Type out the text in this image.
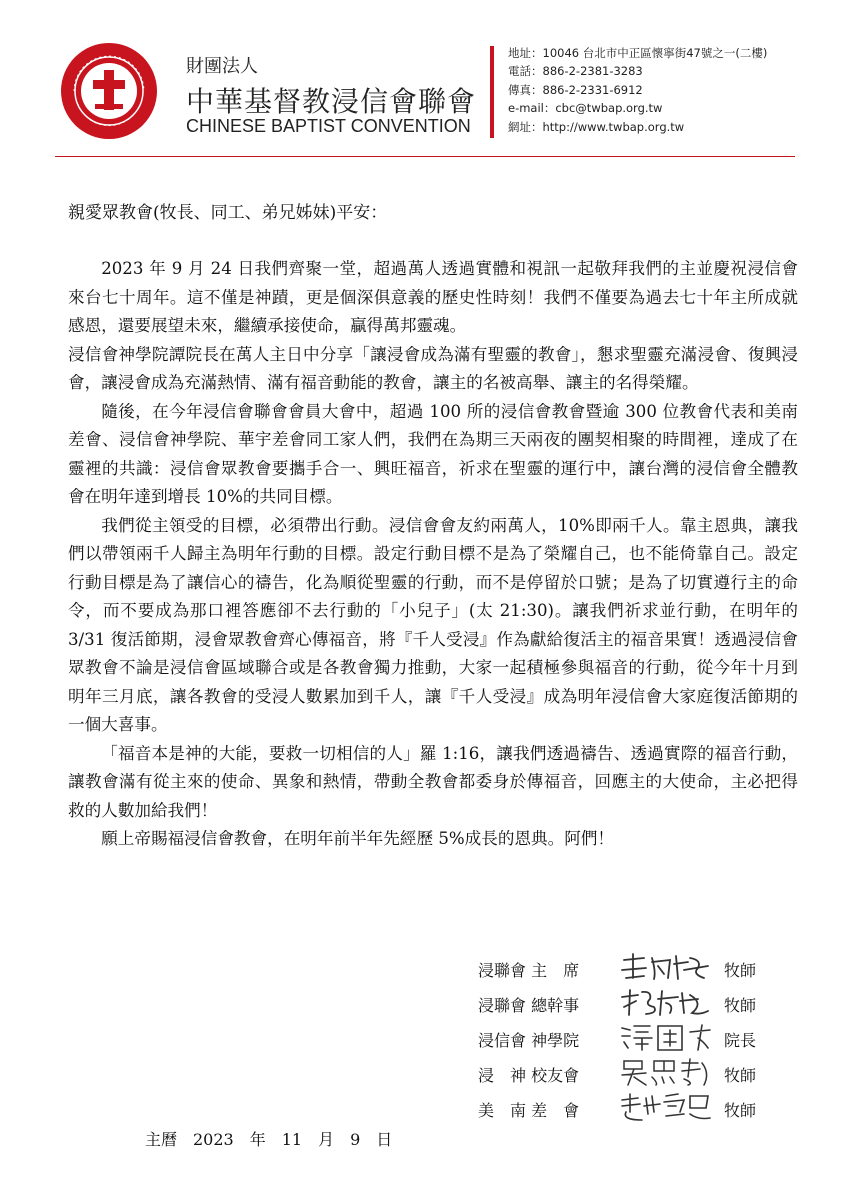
財團法人
中華基督教浸信會聯會
CHINESE BAPTIST CONVENTION
地址：10046 台北市中正區懷寧街47號之一(二樓)
電話：886-2-2381-3283
傳真：886-2-2331-6912
e-mail：cbc@twbap.org.tw
網址：http://www.twbap.org.tw
親愛眾教會(牧長、同工、弟兄姊妹)平安：

2023 年 9 月 24 日我們齊聚一堂，超過萬人透過實體和視訊一起敬拜我們的主並慶祝浸信會來台七十周年。這不僅是神蹟，更是個深俱意義的歷史性時刻！我們不僅要為過去七十年主所成就感恩，還要展望未來，繼續承接使命，贏得萬邦靈魂。

浸信會神學院譚院長在萬人主日中分享「讓浸會成為滿有聖靈的教會」，懇求聖靈充滿浸會、復興浸會，讓浸會成為充滿熱情、滿有福音動能的教會，讓主的名被高舉、讓主的名得榮耀。

隨後，在今年浸信會聯會會員大會中，超過 100 所的浸信會教會暨逾 300 位教會代表和美南差會、浸信會神學院、華宇差會同工家人們，我們在為期三天兩夜的團契相聚的時間裡，達成了在靈裡的共識：浸信會眾教會要攜手合一、興旺福音，祈求在聖靈的運行中，讓台灣的浸信會全體教會在明年達到增長 10%的共同目標。

我們從主領受的目標，必須帶出行動。浸信會會友約兩萬人，10%即兩千人。靠主恩典，讓我們以帶領兩千人歸主為明年行動的目標。設定行動目標不是為了榮耀自己，也不能倚靠自己。設定行動目標是為了讓信心的禱告，化為順從聖靈的行動，而不是停留於口號；是為了切實遵行主的命令，而不要成為那口裡答應卻不去行動的「小兒子」(太 21:30)。讓我們祈求並行動，在明年的 3/31 復活節期，浸會眾教會齊心傳福音，將『千人受浸』作為獻給復活主的福音果實！透過浸信會眾教會不論是浸信會區域聯合或是各教會獨力推動，大家一起積極參與福音的行動，從今年十月到明年三月底，讓各教會的受浸人數累加到千人，讓『千人受浸』成為明年浸信會大家庭復活節期的一個大喜事。

「福音本是神的大能，要救一切相信的人」羅 1:16，讓我們透過禱告、透過實際的福音行動，讓教會滿有從主來的使命、異象和熱情，帶動全教會都委身於傳福音，回應主的大使命，主必把得救的人數加給我們！

願上帝賜福浸信會教會，在明年前半年先經歷 5%成長的恩典。阿們！

浸聯會 主　席	牧師
浸聯會 總幹事	牧師
浸信會 神學院	院長
浸　神 校友會	牧師
美　南 差　會	牧師
主曆　2023　年　11　月　9　日
